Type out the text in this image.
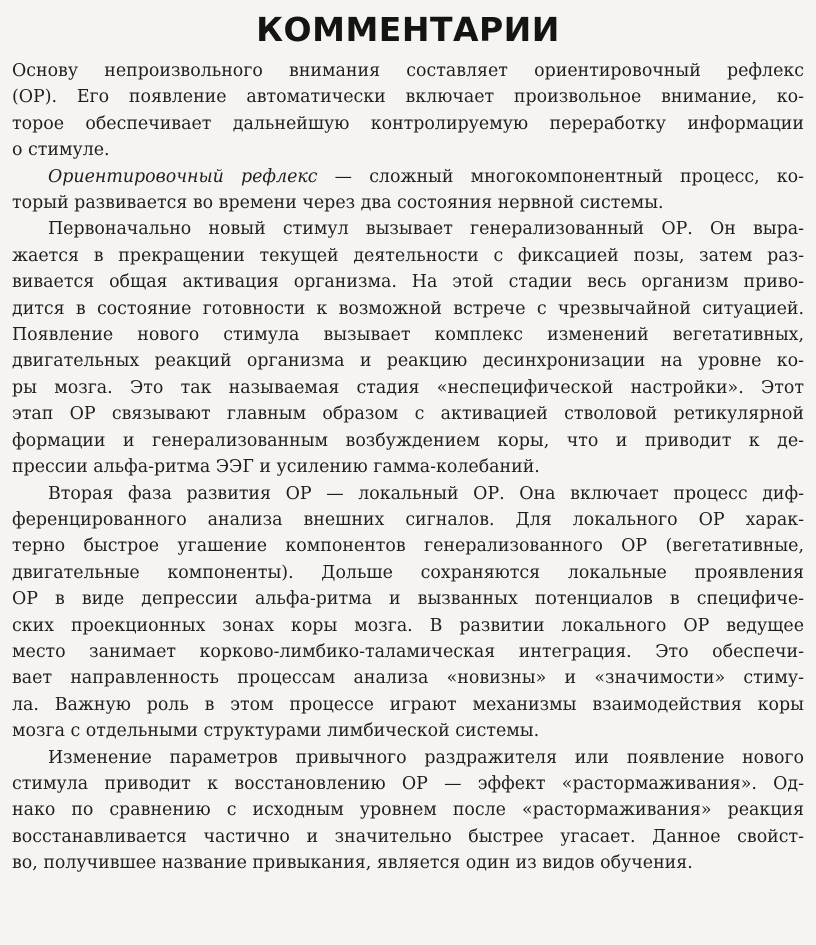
КОММЕНТАРИИ
Основу непроизвольного внимания составляет ориентировочный рефлекс
(ОР). Его появление автоматически включает произвольное внимание, ко-
торое обеспечивает дальнейшую контролируемую переработку информации
о стимуле.
Ориентировочный рефлекс — сложный многокомпонентный процесс, ко-
торый развивается во времени через два состояния нервной системы.
Первоначально новый стимул вызывает генерализованный ОР. Он выра-
жается в прекращении текущей деятельности с фиксацией позы, затем раз-
вивается общая активация организма. На этой стадии весь организм приво-
дится в состояние готовности к возможной встрече с чрезвычайной ситуацией.
Появление нового стимула вызывает комплекс изменений вегетативных,
двигательных реакций организма и реакцию десинхронизации на уровне ко-
ры мозга. Это так называемая стадия «неспецифической настройки». Этот
этап ОР связывают главным образом с активацией стволовой ретикулярной
формации и генерализованным возбуждением коры, что и приводит к де-
прессии альфа-ритма ЭЭГ и усилению гамма-колебаний.
Вторая фаза развития ОР — локальный ОР. Она включает процесс диф-
ференцированного анализа внешних сигналов. Для локального ОР харак-
терно быстрое угашение компонентов генерализованного ОР (вегетативные,
двигательные компоненты). Дольше сохраняются локальные проявления
ОР в виде депрессии альфа-ритма и вызванных потенциалов в специфиче-
ских проекционных зонах коры мозга. В развитии локального ОР ведущее
место занимает корково-лимбико-таламическая интеграция. Это обеспечи-
вает направленность процессам анализа «новизны» и «значимости» стиму-
ла. Важную роль в этом процессе играют механизмы взаимодействия коры
мозга с отдельными структурами лимбической системы.
Изменение параметров привычного раздражителя или появление нового
стимула приводит к восстановлению ОР — эффект «растормаживания». Од-
нако по сравнению с исходным уровнем после «растормаживания» реакция
восстанавливается частично и значительно быстрее угасает. Данное свойст-
во, получившее название привыкания, является один из видов обучения.
